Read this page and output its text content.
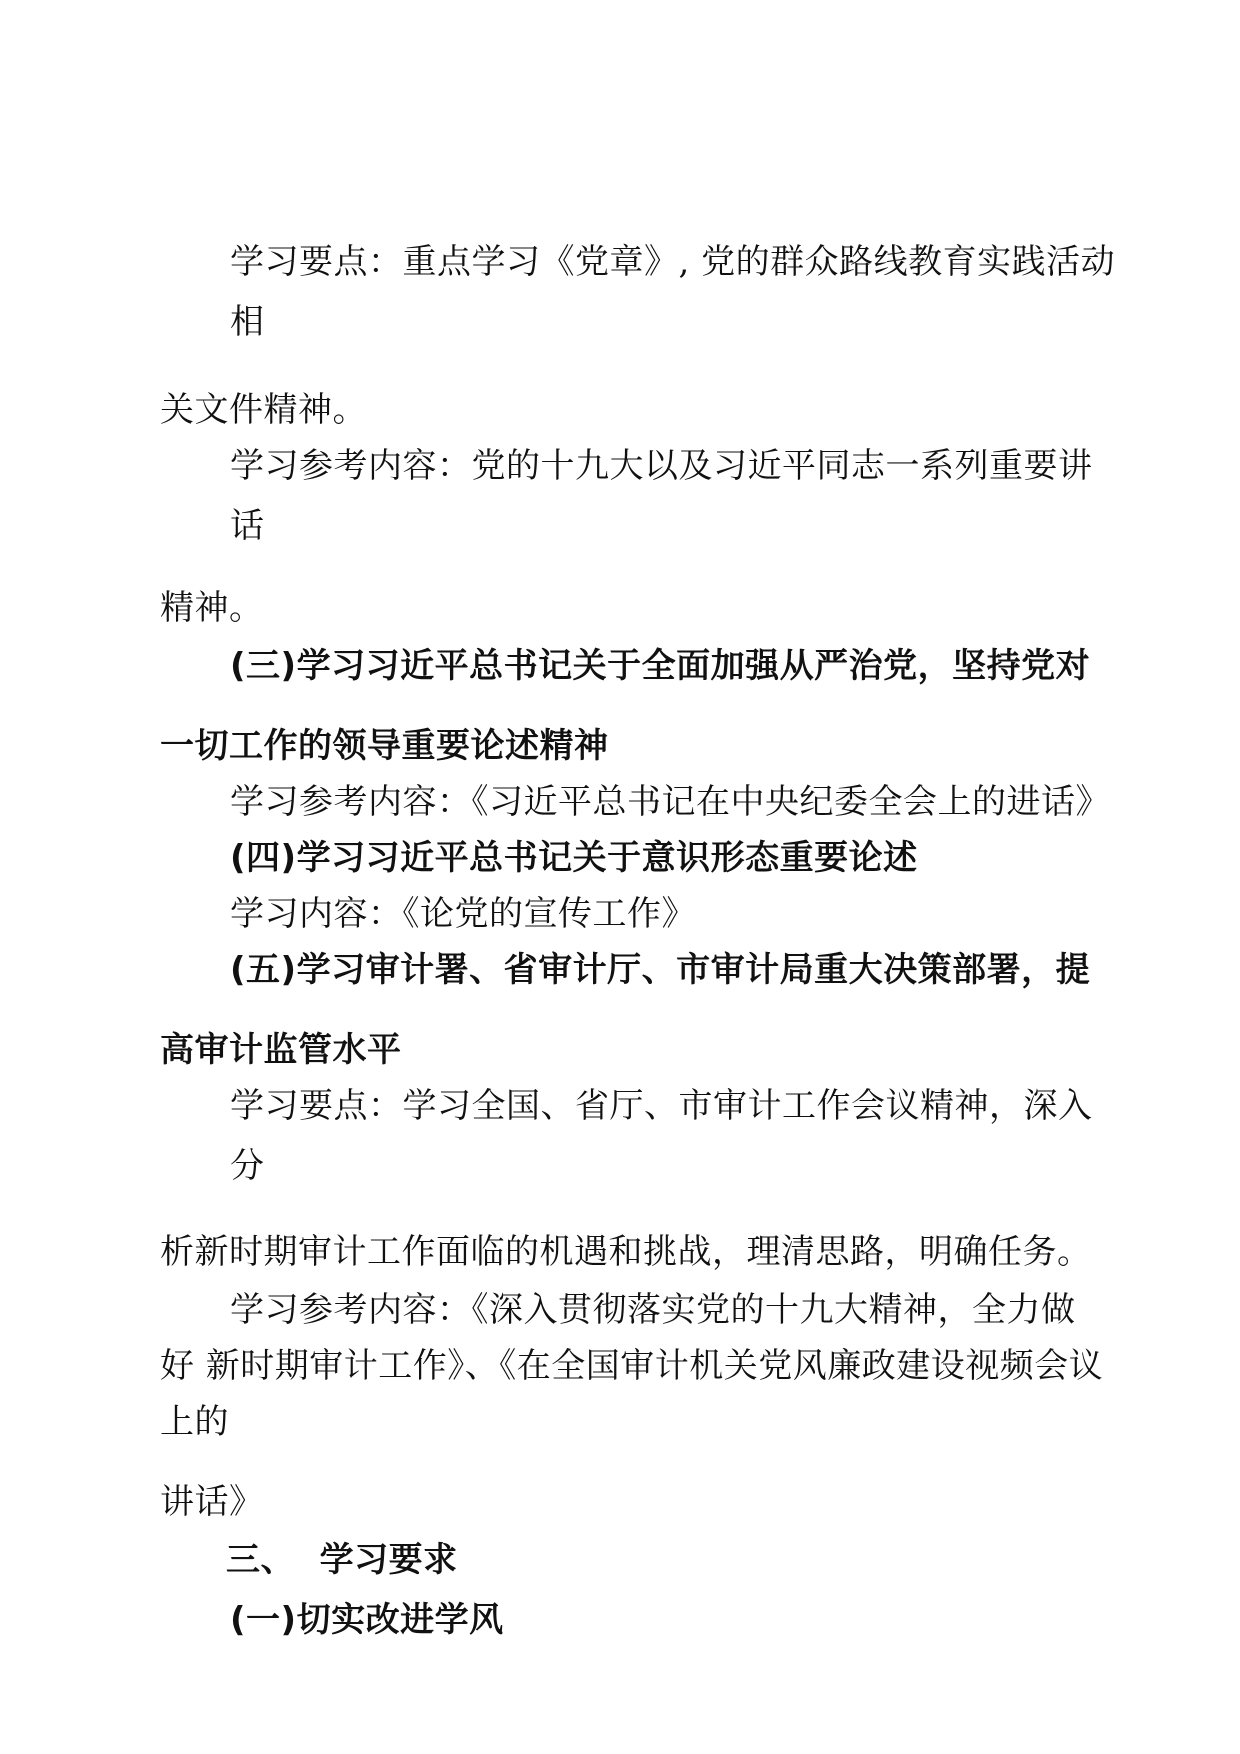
学习要点：重点学习《党章》, 党的群众路线教育实践活动
相
关文件精神。
学习参考内容：党的十九大以及习近平同志一系列重要讲
话
精神。
(三)学习习近平总书记关于全面加强从严治党，坚持党对
一切工作的领导重要论述精神
学习参考内容：《习近平总书记在中央纪委全会上的进话》
(四)学习习近平总书记关于意识形态重要论述
学习内容：《论党的宣传工作》
(五)学习审计署、省审计厅、市审计局重大决策部署，提
高审计监管水平
学习要点：学习全国、省厅、市审计工作会议精神，深入
分
析新时期审计工作面临的机遇和挑战，理清思路，明确任务。
学习参考内容：《深入贯彻落实党的十九大精神，全力做
好 新时期审计工作》、《在全国审计机关党风廉政建设视频会议
上的
讲话》
三、  学习要求
(一)切实改进学风
